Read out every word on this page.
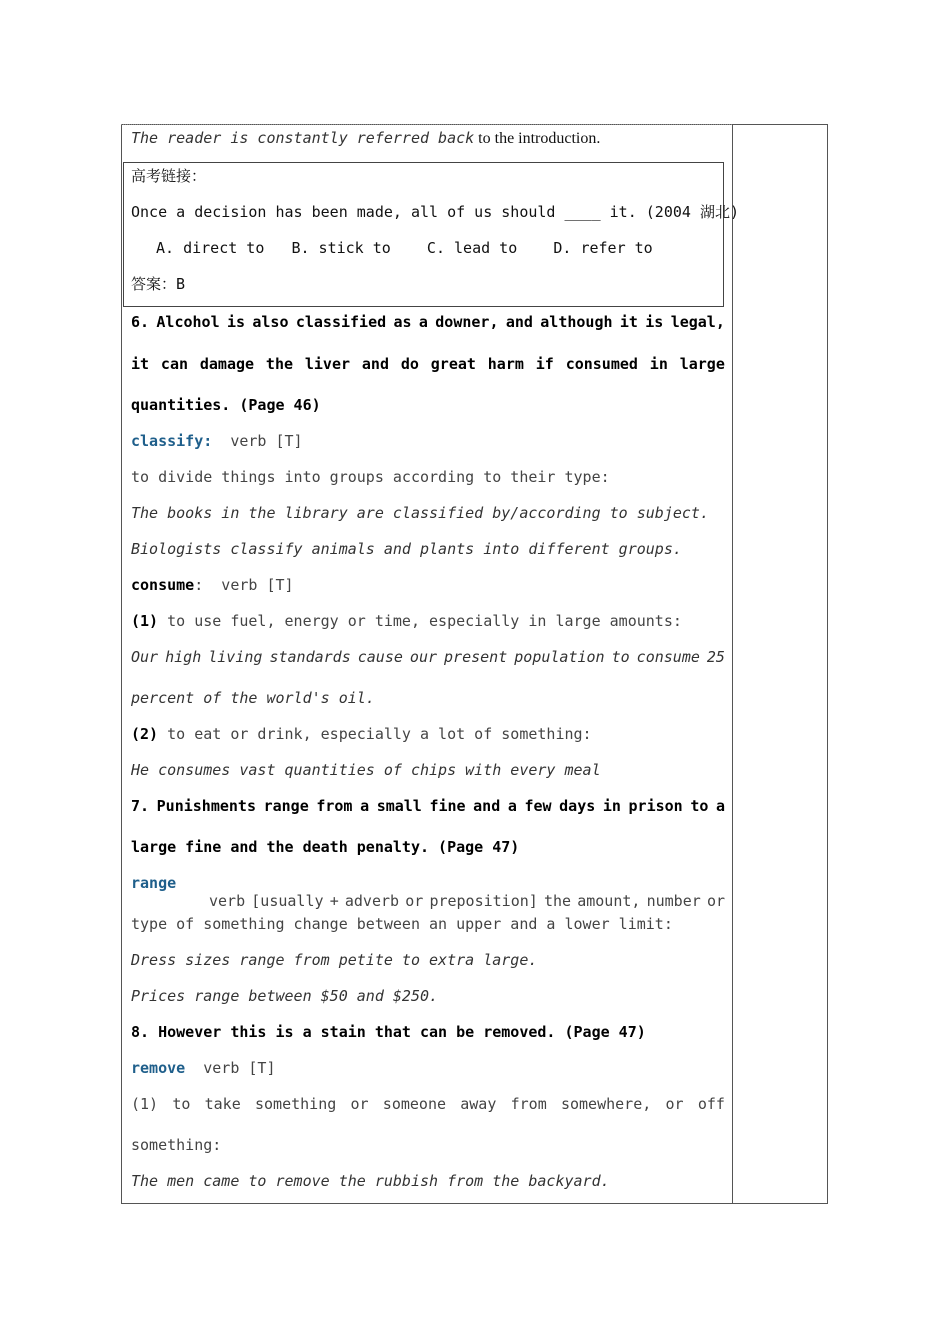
The reader is constantly referred back to the introduction.
高考链接：
Once a decision has been made, all of us should ____ it. (2004 湖北)
A. direct to   B. stick to    C. lead to    D. refer to
答案：B
6. Alcohol is also classified as a downer, and although it is legal,
it can damage the liver and do great harm if consumed in large
quantities. (Page 46)
classify:  verb [T]
to divide things into groups according to their type:
The books in the library are classified by/according to subject.
Biologists classify animals and plants into different groups.
consume:  verb [T]
(1) to use fuel, energy or time, especially in large amounts:
Our high living standards cause our present population to consume 25
percent of the world's oil.
(2) to eat or drink, especially a lot of something:
He consumes vast quantities of chips with every meal
7. Punishments range from a small fine and a few days in prison to a
large fine and the death penalty. (Page 47)
range
verb [usually + adverb or preposition] the amount, number or
type of something change between an upper and a lower limit:
Dress sizes range from petite to extra large.
Prices range between $50 and $250.
8. However this is a stain that can be removed. (Page 47)
remove  verb [T]
(1) to take something or someone away from somewhere, or off
something:
The men came to remove the rubbish from the backyard.
